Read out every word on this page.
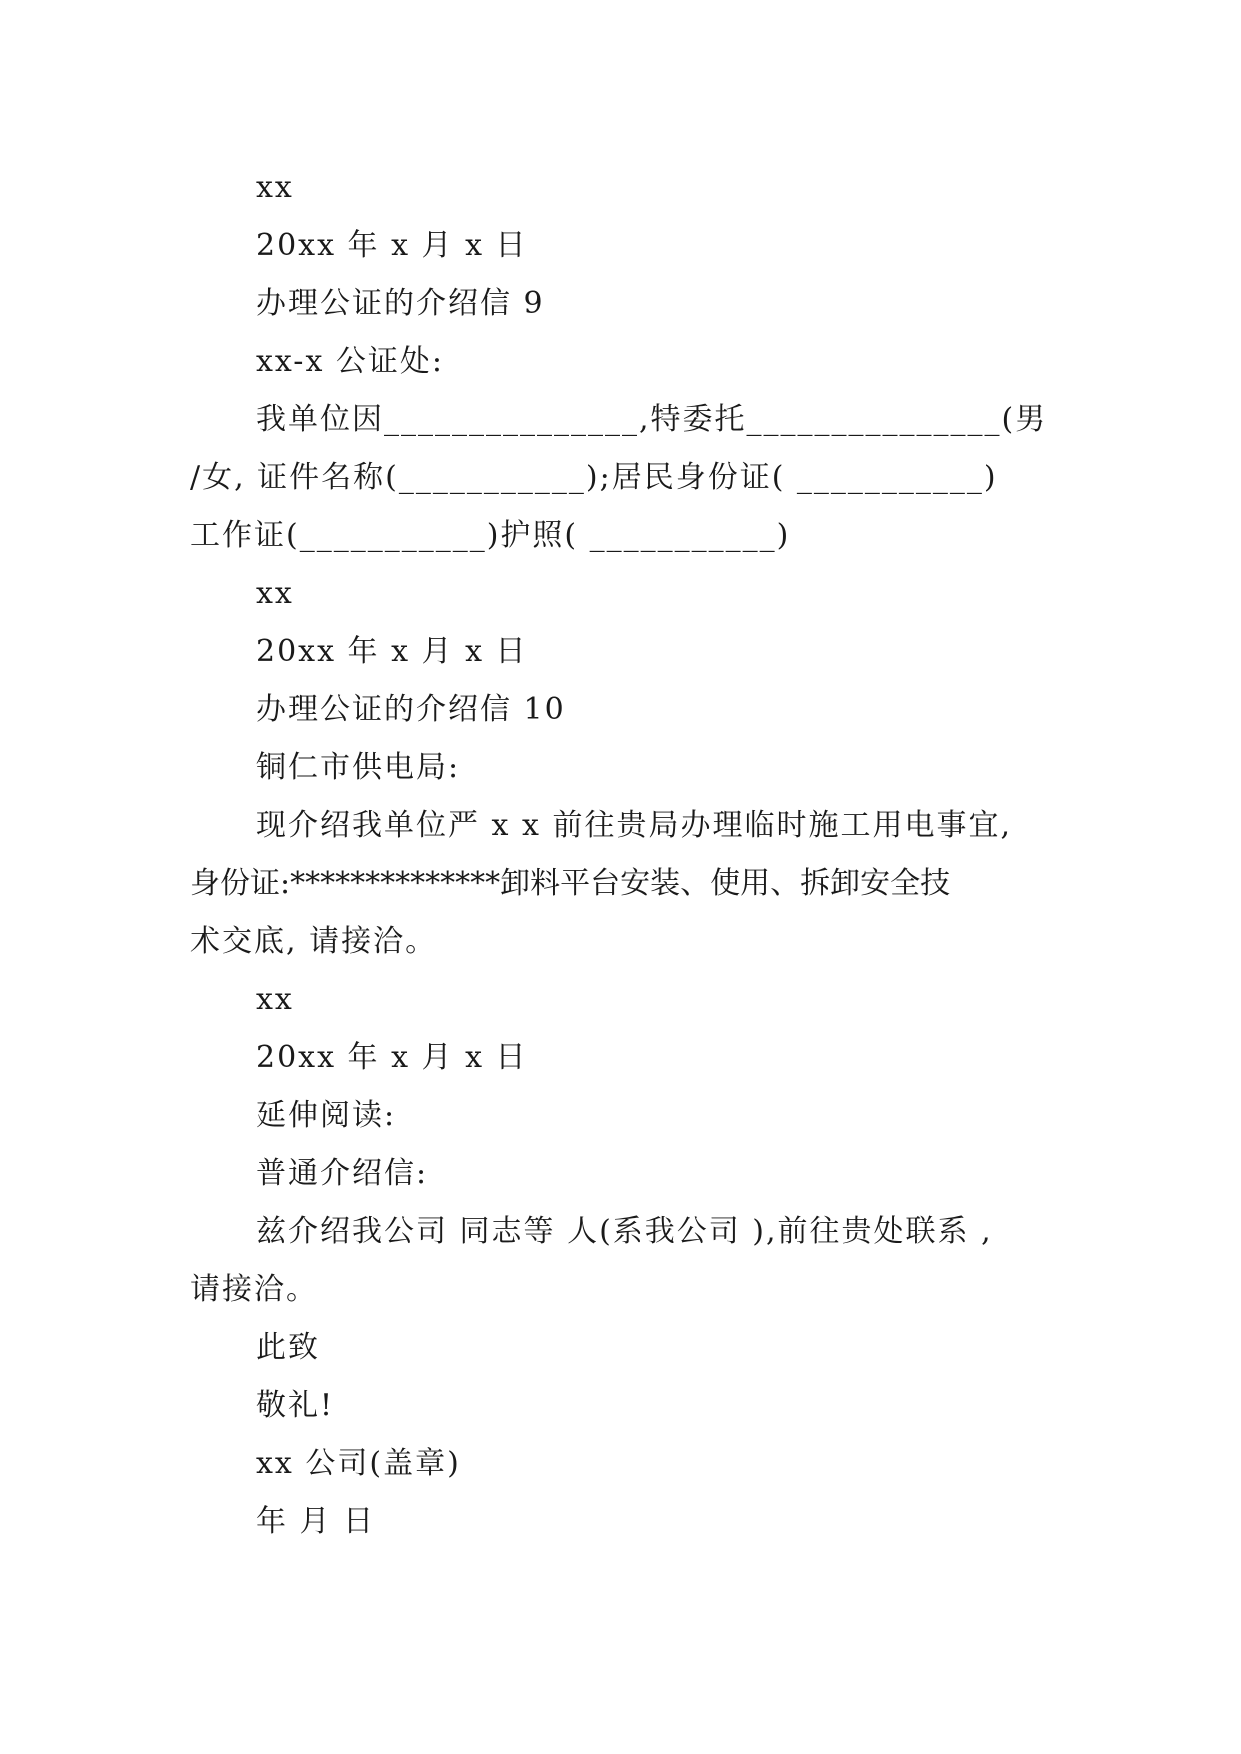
xx
20xx 年 x 月 x 日
办理公证的介绍信 9
xx-x 公证处:
我单位因_______________,特委托_______________(男
/女, 证件名称(___________);居民身份证( ___________)
工作证(___________)护照( ___________)
xx
20xx 年 x 月 x 日
办理公证的介绍信 10
铜仁市供电局:
现介绍我单位严 x x 前往贵局办理临时施工用电事宜,
身份证:**************卸料平台安装、使用、拆卸安全技
术交底, 请接洽。
xx
20xx 年 x 月 x 日
延伸阅读:
普通介绍信:
兹介绍我公司 同志等 人(系我公司 ),前往贵处联系 ,
请接洽。
此致
敬礼!
xx 公司(盖章)
年 月 日
